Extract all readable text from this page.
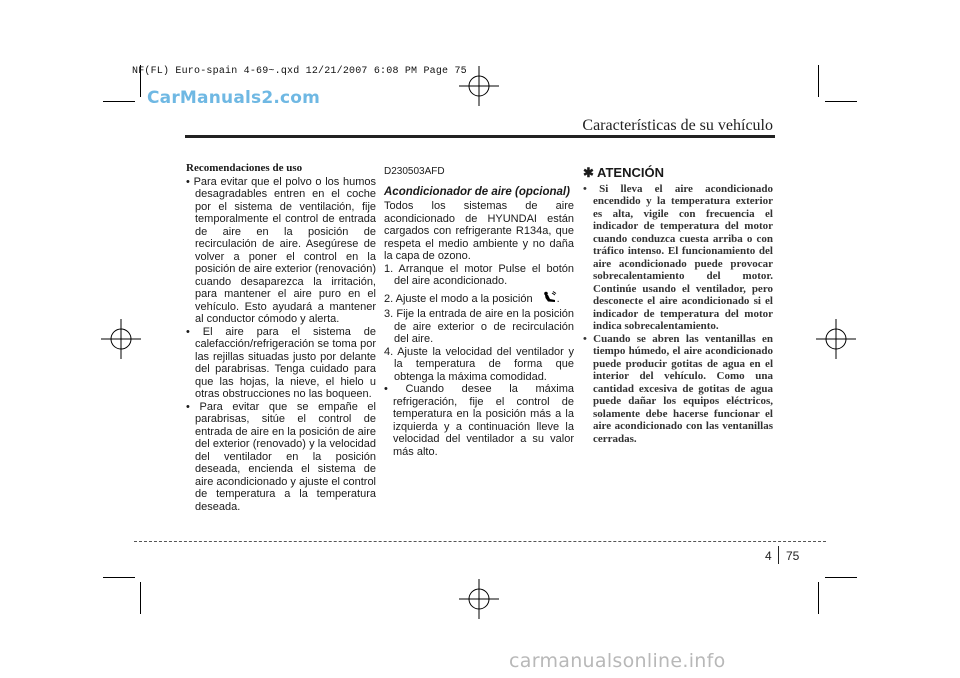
NF(FL) Euro-spain 4-69~.qxd 12/21/2007 6:08 PM Page 75
CarManuals2.com
Características de su vehículo
Recomendaciones de uso
• Para evitar que el polvo o los humos desagradables entren en el coche por el sistema de ventilación, fije temporalmente el control de entrada de aire en la posición de recirculación de aire. Asegúrese de volver a poner el control en la posición de aire exterior (renovación) cuando desaparezca la irritación, para mantener el aire puro en el vehículo. Esto ayudará a mantener al conductor cómodo y alerta.
• El aire para el sistema de calefacción/refrigeración se toma por las rejillas situadas justo por delante del parabrisas. Tenga cuidado para que las hojas, la nieve, el hielo u otras obstrucciones no las boqueen.
• Para evitar que se empañe el parabrisas, sitúe el control de entrada de aire en la posición de aire del exterior (renovado) y la velocidad del ventilador en la posición deseada, encienda el sistema de aire acondicionado y ajuste el control de temperatura a la temperatura deseada.
D230503AFD
Acondicionador de aire (opcional)
Todos los sistemas de aire acondicionado de HYUNDAI están cargados con refrigerante R134a, que respeta el medio ambiente y no daña la capa de ozono.
1. Arranque el motor Pulse el botón del aire acondicionado.
2. Ajuste el modo a la posición .
3. Fije la entrada de aire en la posición de aire exterior o de recirculación del aire.
4. Ajuste la velocidad del ventilador y la temperatura de forma que obtenga la máxima comodidad.
• Cuando desee la máxima refrigeración, fije el control de temperatura en la posición más a la izquierda y a continuación lleve la velocidad del ventilador a su valor más alto.
✱ ATENCIÓN
• Si lleva el aire acondicionado encendido y la temperatura exterior es alta, vigile con frecuencia el indicador de temperatura del motor cuando conduzca cuesta arriba o con tráfico intenso. El funcionamiento del aire acondicionado puede provocar sobrecalentamiento del motor. Continúe usando el ventilador, pero desconecte el aire acondicionado si el indicador de temperatura del motor indica sobrecalentamiento.
• Cuando se abren las ventanillas en tiempo húmedo, el aire acondicionado puede producir gotitas de agua en el interior del vehículo. Como una cantidad excesiva de gotitas de agua puede dañar los equipos eléctricos, solamente debe hacerse funcionar el aire acondicionado con las ventanillas cerradas.
4 75
carmanualsonline.info
